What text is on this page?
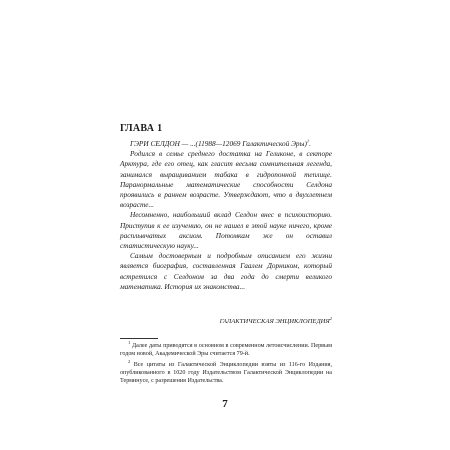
ГЛАВА 1

ГЭРИ СЕЛДОН — ...(11988—12069 Галактической Эры)$^1$.

Родился в семье среднего достатка на Геликоне, в секторе Арктура, где его отец, как гласит весьма сомнительная легенда, занимался выращиванием табака в гидропонной теплице. Паранормальные математические способности Селдона проявились в раннем возрасте. Утверждают, что в двухлетнем возрасте...

Несомненно, наибольший вклад Селдон внес в психоисторию. Приступив к ее изучению, он не нашел в этой науке ничего, кроме расплывчатых аксиом. Потомкам же он оставил статистическую науку...

Самым достоверным и подробным описанием его жизни является биография, составленная Гаалем Дорником, который встретился с Селдоном за два года до смерти великого математика. История их знакомства...

ГАЛАКТИЧЕСКАЯ ЭНЦИКЛОПЕДИЯ$^2$

$^1$ Далее даты приводятся в основном в современном летоисчислении. Первым годом новой, Академической Эры считается 79-й.

$^2$ Все цитаты из Галактической Энциклопедии взяты из 116-го Издания, опубликованного в 1020 году Издательством Галактической Энциклопедии на Терминусе, с разрешения Издательства.

7
